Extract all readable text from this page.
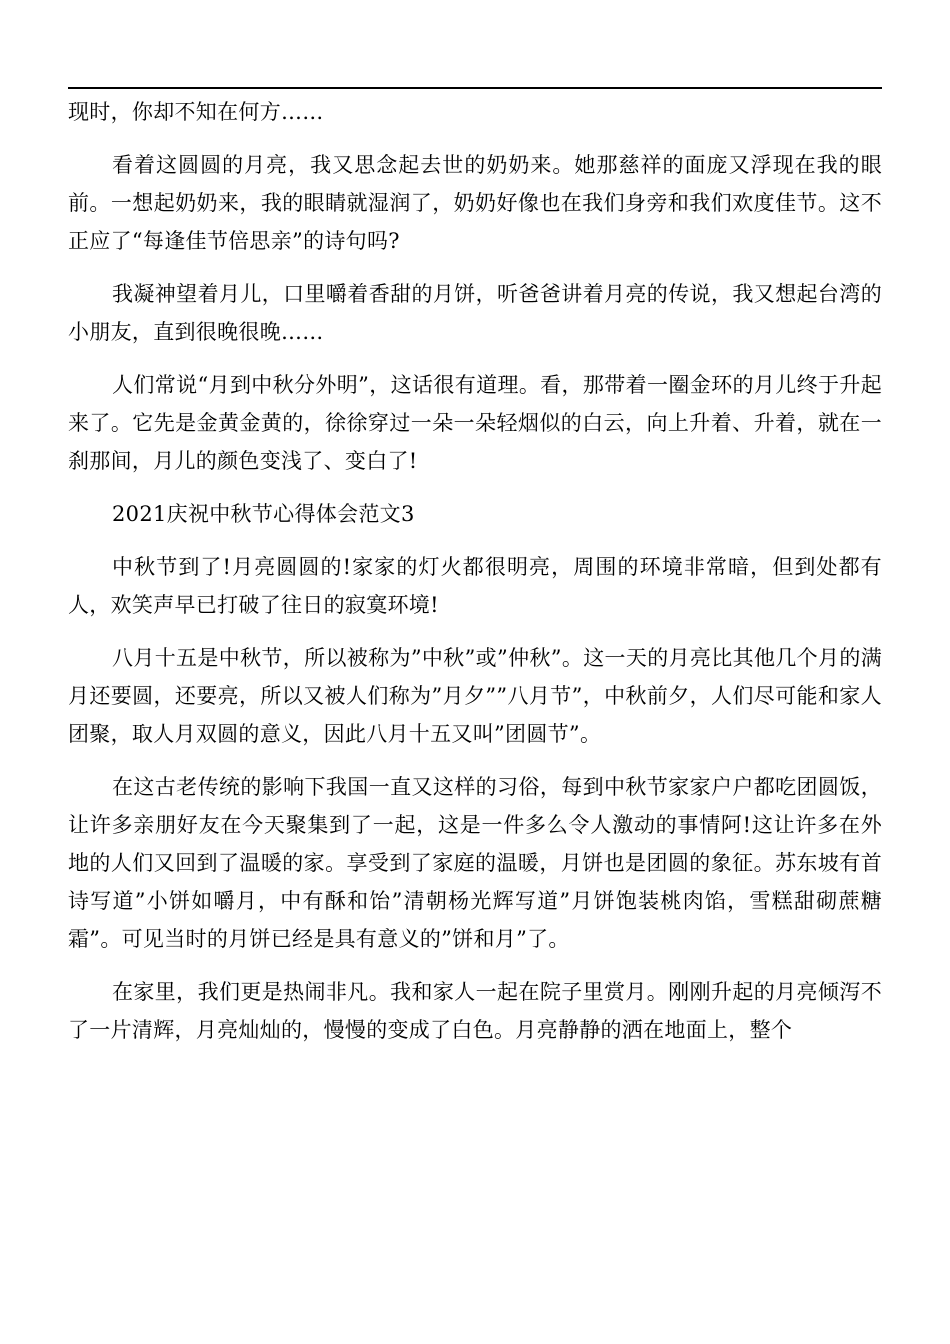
现时，你却不知在何方……

看着这圆圆的月亮，我又思念起去世的奶奶来。她那慈祥的面庞又浮现在我的眼前。一想起奶奶来，我的眼睛就湿润了，奶奶好像也在我们身旁和我们欢度佳节。这不正应了“每逢佳节倍思亲”的诗句吗?

我凝神望着月儿，口里嚼着香甜的月饼，听爸爸讲着月亮的传说，我又想起台湾的小朋友，直到很晚很晚……

人们常说“月到中秋分外明”，这话很有道理。看，那带着一圈金环的月儿终于升起来了。它先是金黄金黄的，徐徐穿过一朵一朵轻烟似的白云，向上升着、升着，就在一刹那间，月儿的颜色变浅了、变白了!

2021庆祝中秋节心得体会范文3

中秋节到了!月亮圆圆的!家家的灯火都很明亮，周围的环境非常暗，但到处都有人，欢笑声早已打破了往日的寂寞环境!

八月十五是中秋节，所以被称为”中秋”或”仲秋”。这一天的月亮比其他几个月的满月还要圆，还要亮，所以又被人们称为”月夕””八月节”，中秋前夕，人们尽可能和家人团聚，取人月双圆的意义，因此八月十五又叫”团圆节”。

在这古老传统的影响下我国一直又这样的习俗，每到中秋节家家户户都吃团圆饭，让许多亲朋好友在今天聚集到了一起，这是一件多么令人激动的事情阿!这让许多在外地的人们又回到了温暖的家。享受到了家庭的温暖，月饼也是团圆的象征。苏东坡有首诗写道”小饼如嚼月，中有酥和饴”清朝杨光辉写道”月饼饱装桃肉馅，雪糕甜砌蔗糖霜”。可见当时的月饼已经是具有意义的”饼和月”了。

在家里，我们更是热闹非凡。我和家人一起在院子里赏月。刚刚升起的月亮倾泻不了一片清辉，月亮灿灿的，慢慢的变成了白色。月亮静静的洒在地面上，整个
